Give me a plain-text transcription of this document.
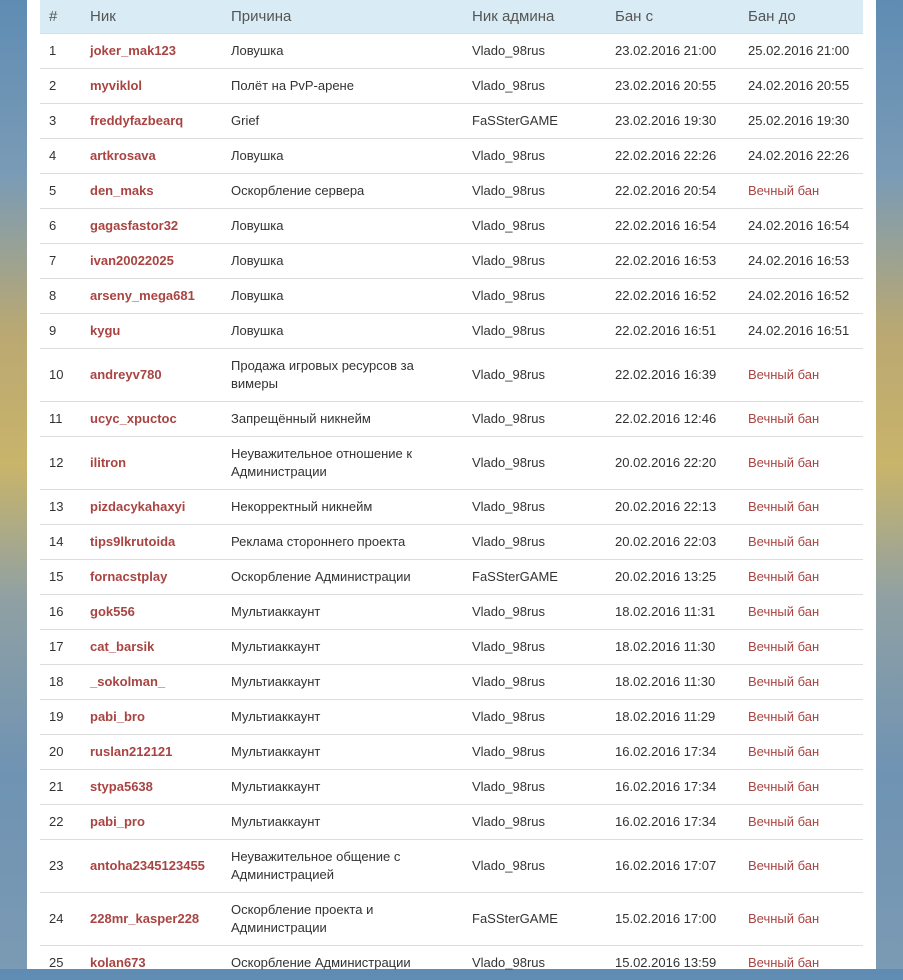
#	Ник	Причина	Ник админа	Бан с	Бан до
1	joker_mak123	Ловушка	Vlado_98rus	23.02.2016 21:00	25.02.2016 21:00
2	myviklol	Полёт на PvP-арене	Vlado_98rus	23.02.2016 20:55	24.02.2016 20:55
3	freddyfazbearq	Grief	FaSSterGAME	23.02.2016 19:30	25.02.2016 19:30
4	artkrosava	Ловушка	Vlado_98rus	22.02.2016 22:26	24.02.2016 22:26
5	den_maks	Оскорбление сервера	Vlado_98rus	22.02.2016 20:54	Вечный бан
6	gagasfastor32	Ловушка	Vlado_98rus	22.02.2016 16:54	24.02.2016 16:54
7	ivan20022025	Ловушка	Vlado_98rus	22.02.2016 16:53	24.02.2016 16:53
8	arseny_mega681	Ловушка	Vlado_98rus	22.02.2016 16:52	24.02.2016 16:52
9	kygu	Ловушка	Vlado_98rus	22.02.2016 16:51	24.02.2016 16:51
10	andreyv780	Продажа игровых ресурсов за вимеры	Vlado_98rus	22.02.2016 16:39	Вечный бан
11	ucyc_xpuctoc	Запрещённый никнейм	Vlado_98rus	22.02.2016 12:46	Вечный бан
12	ilitron	Неуважительное отношение к Администрации	Vlado_98rus	20.02.2016 22:20	Вечный бан
13	pizdacykahaxyi	Некорректный никнейм	Vlado_98rus	20.02.2016 22:13	Вечный бан
14	tips9lkrutoida	Реклама стороннего проекта	Vlado_98rus	20.02.2016 22:03	Вечный бан
15	fornacstplay	Оскорбление Администрации	FaSSterGAME	20.02.2016 13:25	Вечный бан
16	gok556	Мультиаккаунт	Vlado_98rus	18.02.2016 11:31	Вечный бан
17	cat_barsik	Мультиаккаунт	Vlado_98rus	18.02.2016 11:30	Вечный бан
18	_sokolman_	Мультиаккаунт	Vlado_98rus	18.02.2016 11:30	Вечный бан
19	pabi_bro	Мультиаккаунт	Vlado_98rus	18.02.2016 11:29	Вечный бан
20	ruslan212121	Мультиаккаунт	Vlado_98rus	16.02.2016 17:34	Вечный бан
21	stypa5638	Мультиаккаунт	Vlado_98rus	16.02.2016 17:34	Вечный бан
22	pabi_pro	Мультиаккаунт	Vlado_98rus	16.02.2016 17:34	Вечный бан
23	antoha2345123455	Неуважительное общение с Администрацией	Vlado_98rus	16.02.2016 17:07	Вечный бан
24	228mr_kasper228	Оскорбление проекта и Администрации	FaSSterGAME	15.02.2016 17:00	Вечный бан
25	kolan673	Оскорбление Администрации	Vlado_98rus	15.02.2016 13:59	Вечный бан
